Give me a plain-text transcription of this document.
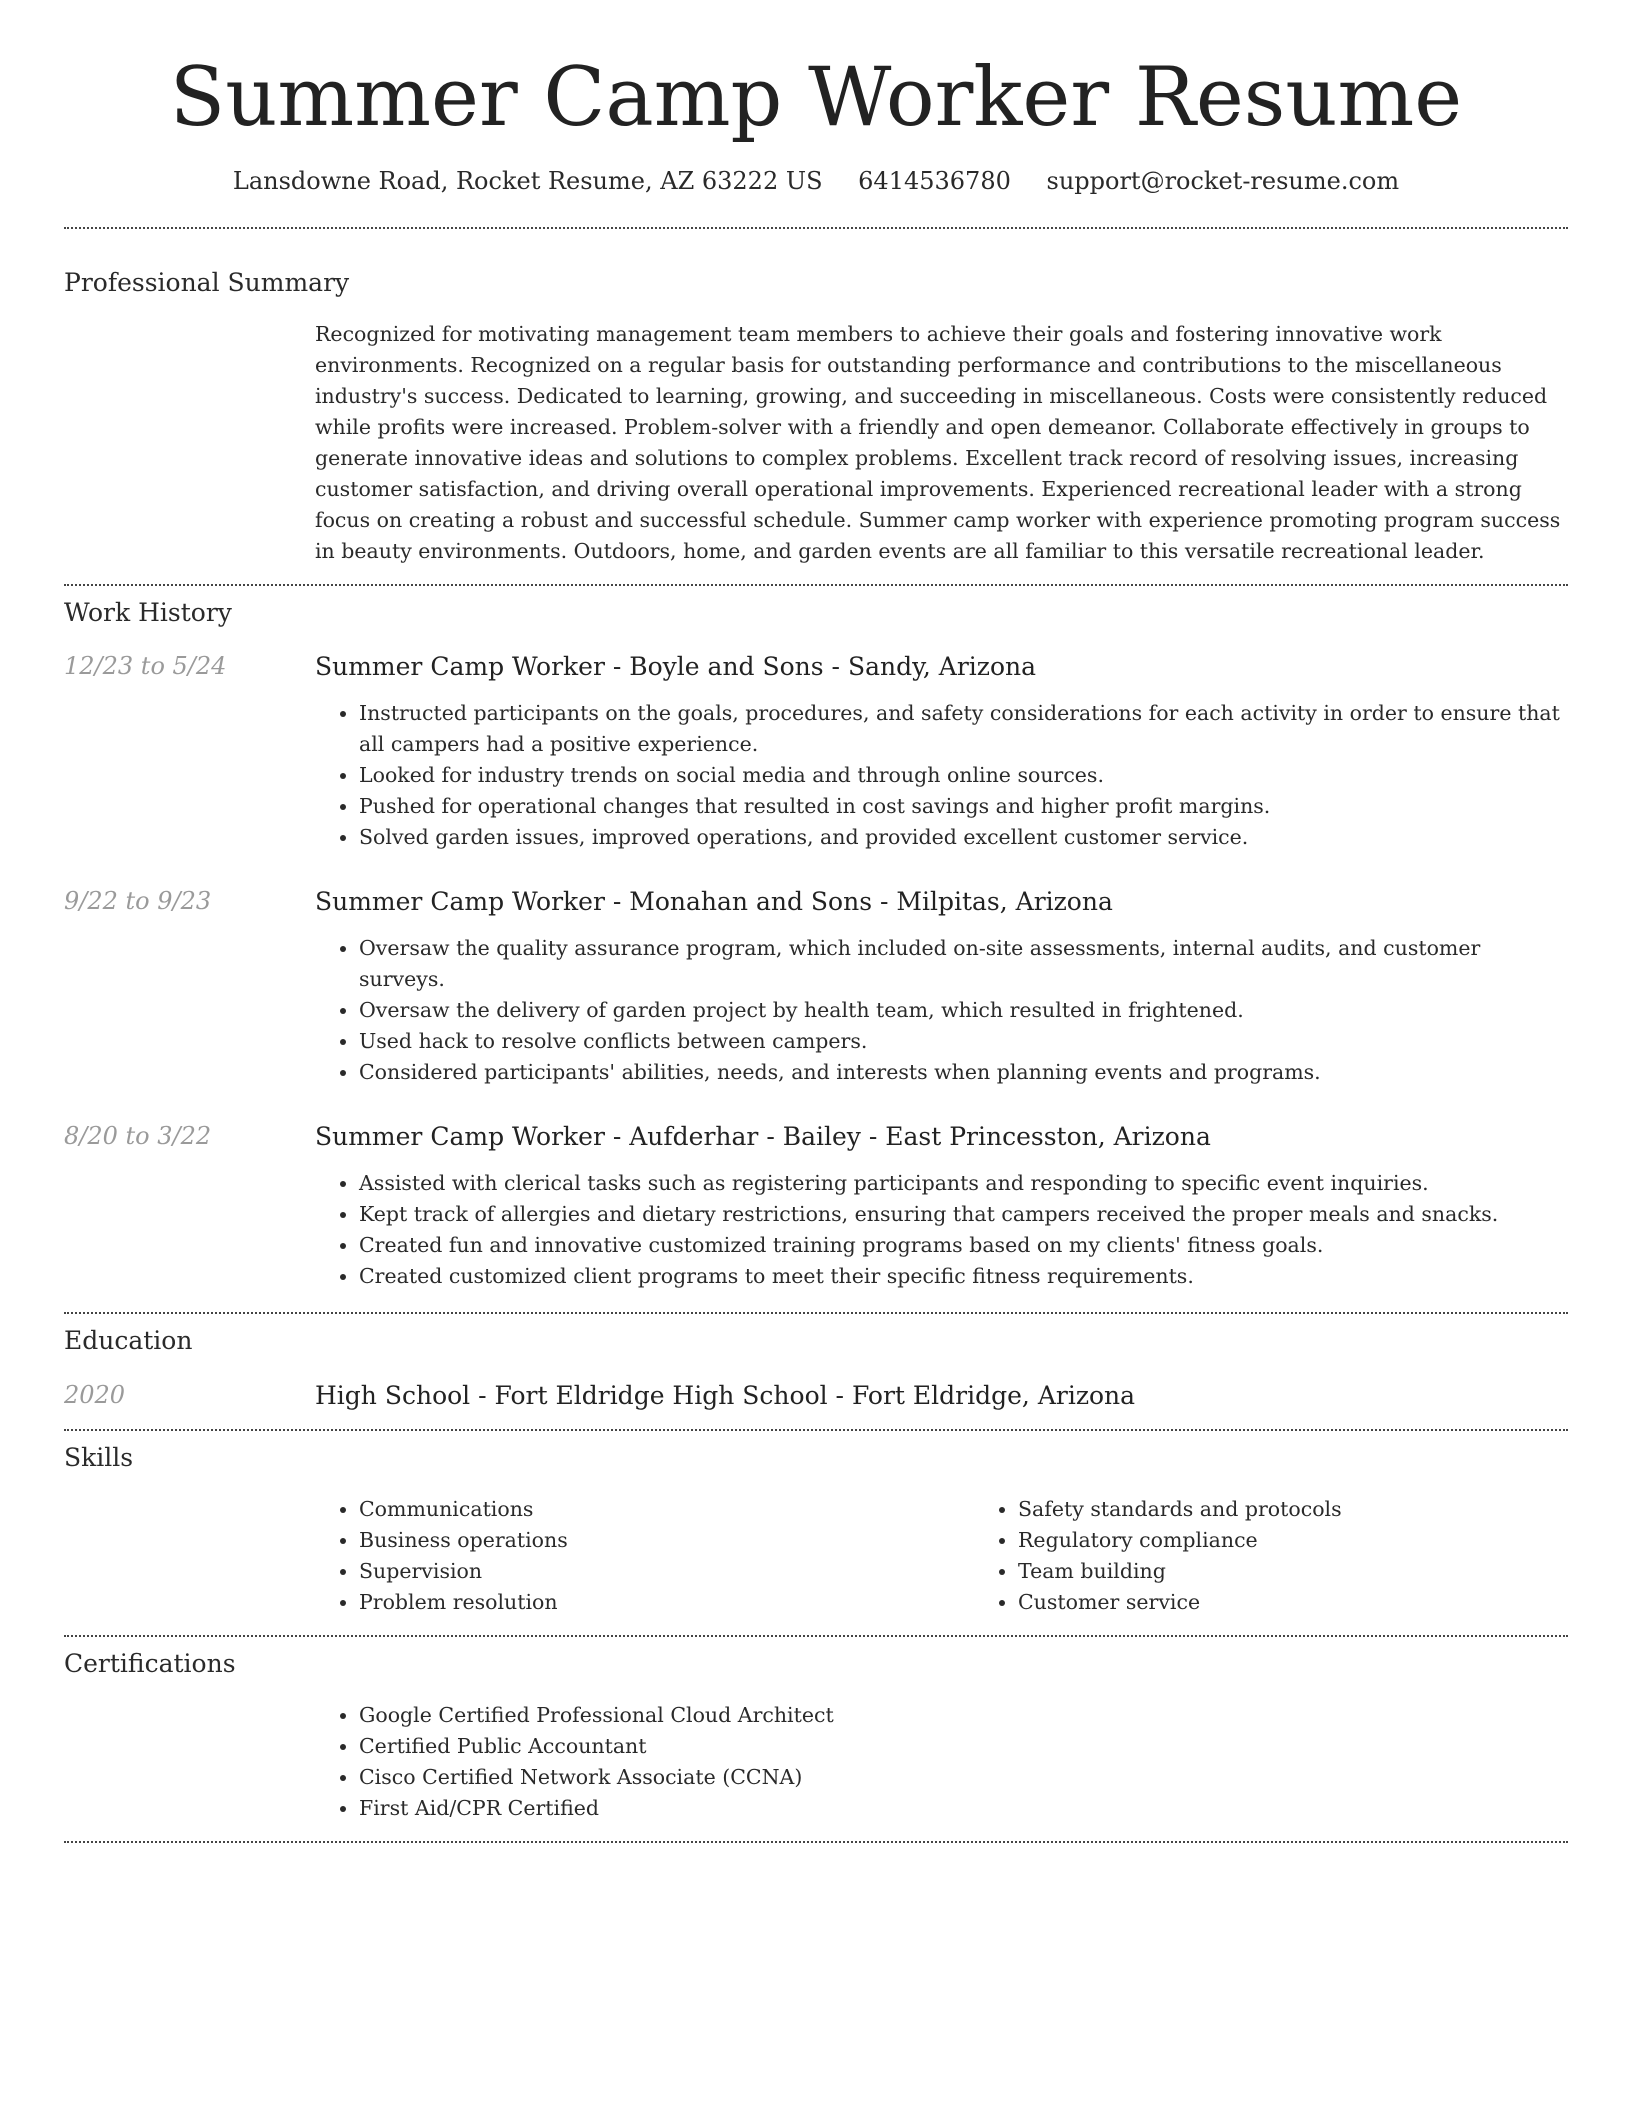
Summer Camp Worker Resume
Lansdowne Road, Rocket Resume, AZ 63222 US 6414536780 support@rocket-resume.com
Professional Summary

Recognized for motivating management team members to achieve their goals and fostering innovative work environments. Recognized on a regular basis for outstanding performance and contributions to the miscellaneous industry's success. Dedicated to learning, growing, and succeeding in miscellaneous. Costs were consistently reduced while profits were increased. Problem-solver with a friendly and open demeanor. Collaborate effectively in groups to generate innovative ideas and solutions to complex problems. Excellent track record of resolving issues, increasing customer satisfaction, and driving overall operational improvements. Experienced recreational leader with a strong focus on creating a robust and successful schedule. Summer camp worker with experience promoting program success in beauty environments. Outdoors, home, and garden events are all familiar to this versatile recreational leader.

Work History
12/23 to 5/24	Summer Camp Worker - Boyle and Sons - Sandy, Arizona
• Instructed participants on the goals, procedures, and safety considerations for each activity in order to ensure that all campers had a positive experience.
• Looked for industry trends on social media and through online sources.
• Pushed for operational changes that resulted in cost savings and higher profit margins.
• Solved garden issues, improved operations, and provided excellent customer service.
9/22 to 9/23	Summer Camp Worker - Monahan and Sons - Milpitas, Arizona
• Oversaw the quality assurance program, which included on-site assessments, internal audits, and customer surveys.
• Oversaw the delivery of garden project by health team, which resulted in frightened.
• Used hack to resolve conflicts between campers.
• Considered participants' abilities, needs, and interests when planning events and programs.
8/20 to 3/22	Summer Camp Worker - Aufderhar - Bailey - East Princesston, Arizona
• Assisted with clerical tasks such as registering participants and responding to specific event inquiries.
• Kept track of allergies and dietary restrictions, ensuring that campers received the proper meals and snacks.
• Created fun and innovative customized training programs based on my clients' fitness goals.
• Created customized client programs to meet their specific fitness requirements.
Education
2020	High School - Fort Eldridge High School - Fort Eldridge, Arizona
Skills
• Communications
• Business operations
• Supervision
• Problem resolution
• Safety standards and protocols
• Regulatory compliance
• Team building
• Customer service
Certifications
• Google Certified Professional Cloud Architect
• Certified Public Accountant
• Cisco Certified Network Associate (CCNA)
• First Aid/CPR Certified
